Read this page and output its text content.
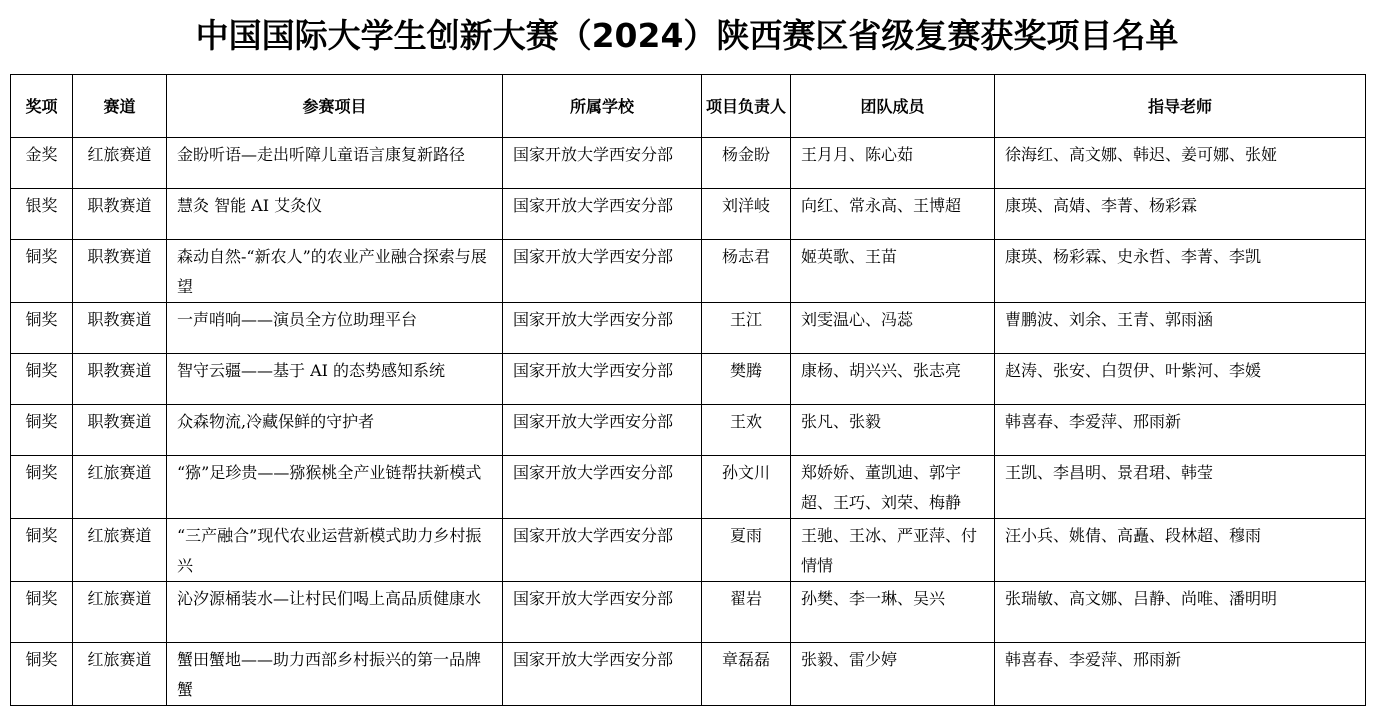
中国国际大学生创新大赛（2024）陕西赛区省级复赛获奖项目名单
奖项	赛道	参赛项目	所属学校	项目负责人	团队成员	指导老师
金奖	红旅赛道	金盼听语—走出听障儿童语言康复新路径	国家开放大学西安分部	杨金盼	王月月、陈心茹	徐海红、高文娜、韩迟、姜可娜、张娅
银奖	职教赛道	慧灸 智能 AI 艾灸仪	国家开放大学西安分部	刘洋岐	向红、常永高、王博超	康瑛、高婧、李菁、杨彩霖
铜奖	职教赛道	森动自然-“新农人”的农业产业融合探索与展望	国家开放大学西安分部	杨志君	姬英歌、王苗	康瑛、杨彩霖、史永哲、李菁、李凯
铜奖	职教赛道	一声哨响——演员全方位助理平台	国家开放大学西安分部	王江	刘雯温心、冯蕊	曹鹏波、刘余、王青、郭雨涵
铜奖	职教赛道	智守云疆——基于 AI 的态势感知系统	国家开放大学西安分部	樊腾	康杨、胡兴兴、张志亮	赵涛、张安、白贺伊、叶紫河、李媛
铜奖	职教赛道	众森物流,冷藏保鲜的守护者	国家开放大学西安分部	王欢	张凡、张毅	韩喜春、李爱萍、邢雨新
铜奖	红旅赛道	“猕”足珍贵——猕猴桃全产业链帮扶新模式	国家开放大学西安分部	孙文川	郑娇娇、董凯迪、郭宇超、王巧、刘荣、梅静	王凯、李昌明、景君珺、韩莹
铜奖	红旅赛道	“三产融合”现代农业运营新模式助力乡村振兴	国家开放大学西安分部	夏雨	王驰、王冰、严亚萍、付情情	汪小兵、姚倩、高矗、段林超、穆雨
铜奖	红旅赛道	沁汐源桶装水—让村民们喝上高品质健康水	国家开放大学西安分部	翟岩	孙樊、李一琳、吴兴	张瑞敏、高文娜、吕静、尚唯、潘明明
铜奖	红旅赛道	蟹田蟹地——助力西部乡村振兴的第一品牌蟹	国家开放大学西安分部	章磊磊	张毅、雷少婷	韩喜春、李爱萍、邢雨新
